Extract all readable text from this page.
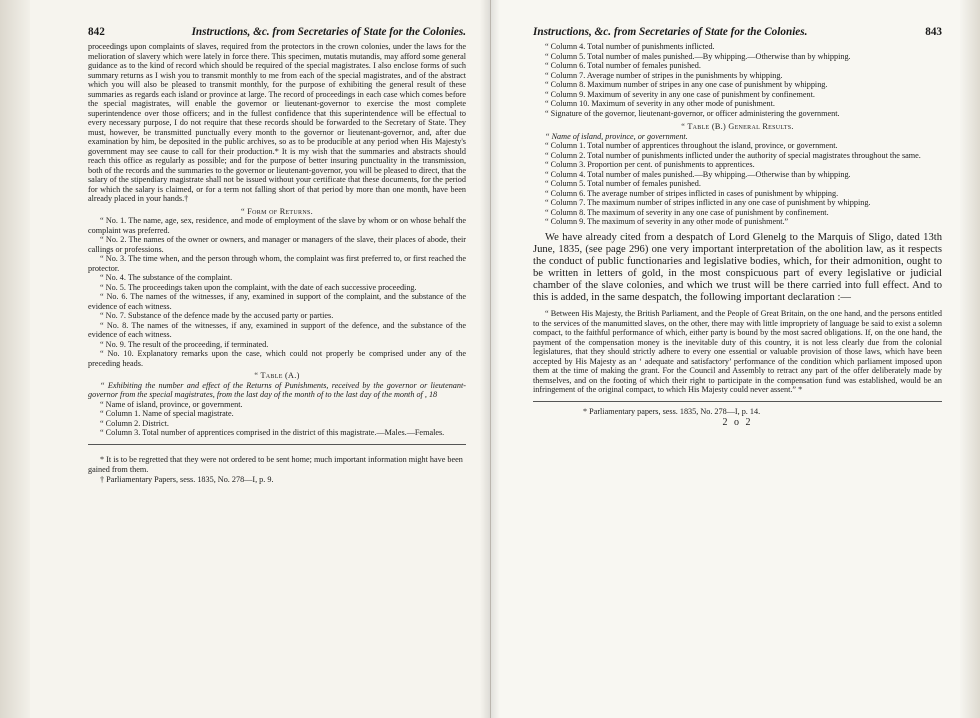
842	Instructions, &c. from Secretaries of State for the Colonies.

proceedings upon complaints of slaves, required from the protectors in the crown colonies, under the laws for the melioration of slavery which were lately in force there. This specimen, mutatis mutandis, may afford some general guidance as to the kind of record which should be required of the special magistrates. I also enclose forms of such summary returns as I wish you to transmit monthly to me from each of the special magistrates, and of the abstract which you will also be pleased to transmit monthly, for the purpose of exhibiting the general result of these summaries as regards each island or province at large. The record of proceedings in each case which comes before the special magistrates, will enable the governor or lieutenant-governor to exercise the most complete superintendence over those officers; and in the fullest confidence that this superintendence will be effectual to every necessary purpose, I do not require that these records should be forwarded to the Secretary of State. They must, however, be transmitted punctually every month to the governor or lieutenant-governor, and, after due examination by him, be deposited in the public archives, so as to be producible at any period when His Majesty's government may see cause to call for their production.* It is my wish that the summaries and abstracts should reach this office as regularly as possible; and for the purpose of better insuring punctuality in the transmission, both of the records and the summaries to the governor or lieutenant-governor, you will be pleased to direct, that the salary of the stipendiary magistrate shall not be issued without your certificate that these documents, for the period for which the salary is claimed, or for a term not falling short of that period by more than one month, have been already placed in your hands.†

“ Form of Returns.

“ No. 1. The name, age, sex, residence, and mode of employment of the slave by whom or on whose behalf the complaint was preferred.

“ No. 2. The names of the owner or owners, and manager or managers of the slave, their places of abode, their callings or professions.

“ No. 3. The time when, and the person through whom, the complaint was first preferred to, or first reached the protector.

“ No. 4. The substance of the complaint.

“ No. 5. The proceedings taken upon the complaint, with the date of each successive proceeding.

“ No. 6. The names of the witnesses, if any, examined in support of the complaint, and the substance of the evidence of each witness.

“ No. 7. Substance of the defence made by the accused party or parties.

“ No. 8. The names of the witnesses, if any, examined in support of the defence, and the substance of the evidence of each witness.

“ No. 9. The result of the proceeding, if terminated.

“ No. 10. Explanatory remarks upon the case, which could not properly be comprised under any of the preceding heads.

“ Table (A.)

“ Exhibiting the number and effect of the Returns of Punishments, received by the governor or lieutenant-governor from the special magistrates, from the last day of the month of to the last day of the month of , 18

“ Name of island, province, or government.

“ Column 1. Name of special magistrate.

“ Column 2. District.

“ Column 3. Total number of apprentices comprised in the district of this magistrate.—Males.—Females.

* It is to be regretted that they were not ordered to be sent home; much important information might have been gained from them.

† Parliamentary Papers, sess. 1835, No. 278—I, p. 9.

Instructions, &c. from Secretaries of State for the Colonies.	843

“ Column 4. Total number of punishments inflicted.

“ Column 5. Total number of males punished.—By whipping.—Otherwise than by whipping.

“ Column 6. Total number of females punished.

“ Column 7. Average number of stripes in the punishments by whipping.

“ Column 8. Maximum number of stripes in any one case of punishment by whipping.

“ Column 9. Maximum of severity in any one case of punishment by confinement.

“ Column 10. Maximum of severity in any other mode of punishment.

“ Signature of the governor, lieutenant-governor, or officer administering the government.

“ Table (B.) General Results.

“ Name of island, province, or government.

“ Column 1. Total number of apprentices throughout the island, province, or government.

“ Column 2. Total number of punishments inflicted under the authority of special magistrates throughout the same.

“ Column 3. Proportion per cent. of punishments to apprentices.

“ Column 4. Total number of males punished.—By whipping.—Otherwise than by whipping.

“ Column 5. Total number of females punished.

“ Column 6. The average number of stripes inflicted in cases of punishment by whipping.

“ Column 7. The maximum number of stripes inflicted in any one case of punishment by whipping.

“ Column 8. The maximum of severity in any one case of punishment by confinement.

“ Column 9. The maximum of severity in any other mode of punishment.”

We have already cited from a despatch of Lord Glenelg to the Marquis of Sligo, dated 13th June, 1835, (see page 296) one very important interpretation of the abolition law, as it respects the conduct of public functionaries and legislative bodies, which, for their admonition, ought to be written in letters of gold, in the most conspicuous part of every legislative or judicial chamber of the slave colonies, and which we trust will be there carried into full effect. And to this is added, in the same despatch, the following important declaration :—

“ Between His Majesty, the British Parliament, and the People of Great Britain, on the one hand, and the persons entitled to the services of the manumitted slaves, on the other, there may with little impropriety of language be said to exist a solemn compact, to the faithful performance of which, either party is bound by the most sacred obligations. If, on the one hand, the payment of the compensation money is the inevitable duty of this country, it is not less clearly due from the colonial legislatures, that they should strictly adhere to every one essential or valuable provision of those laws, which have been accepted by His Majesty as an ‘ adequate and satisfactory’ performance of the condition which parliament imposed upon them at the time of making the grant. For the Council and Assembly to retract any part of the offer deliberately made by themselves, and on the footing of which their right to participate in the compensation fund was established, would be an infringement of the original compact, to which His Majesty could never assent.” *

* Parliamentary papers, sess. 1835, No. 278—I, p. 14.

2 o 2
